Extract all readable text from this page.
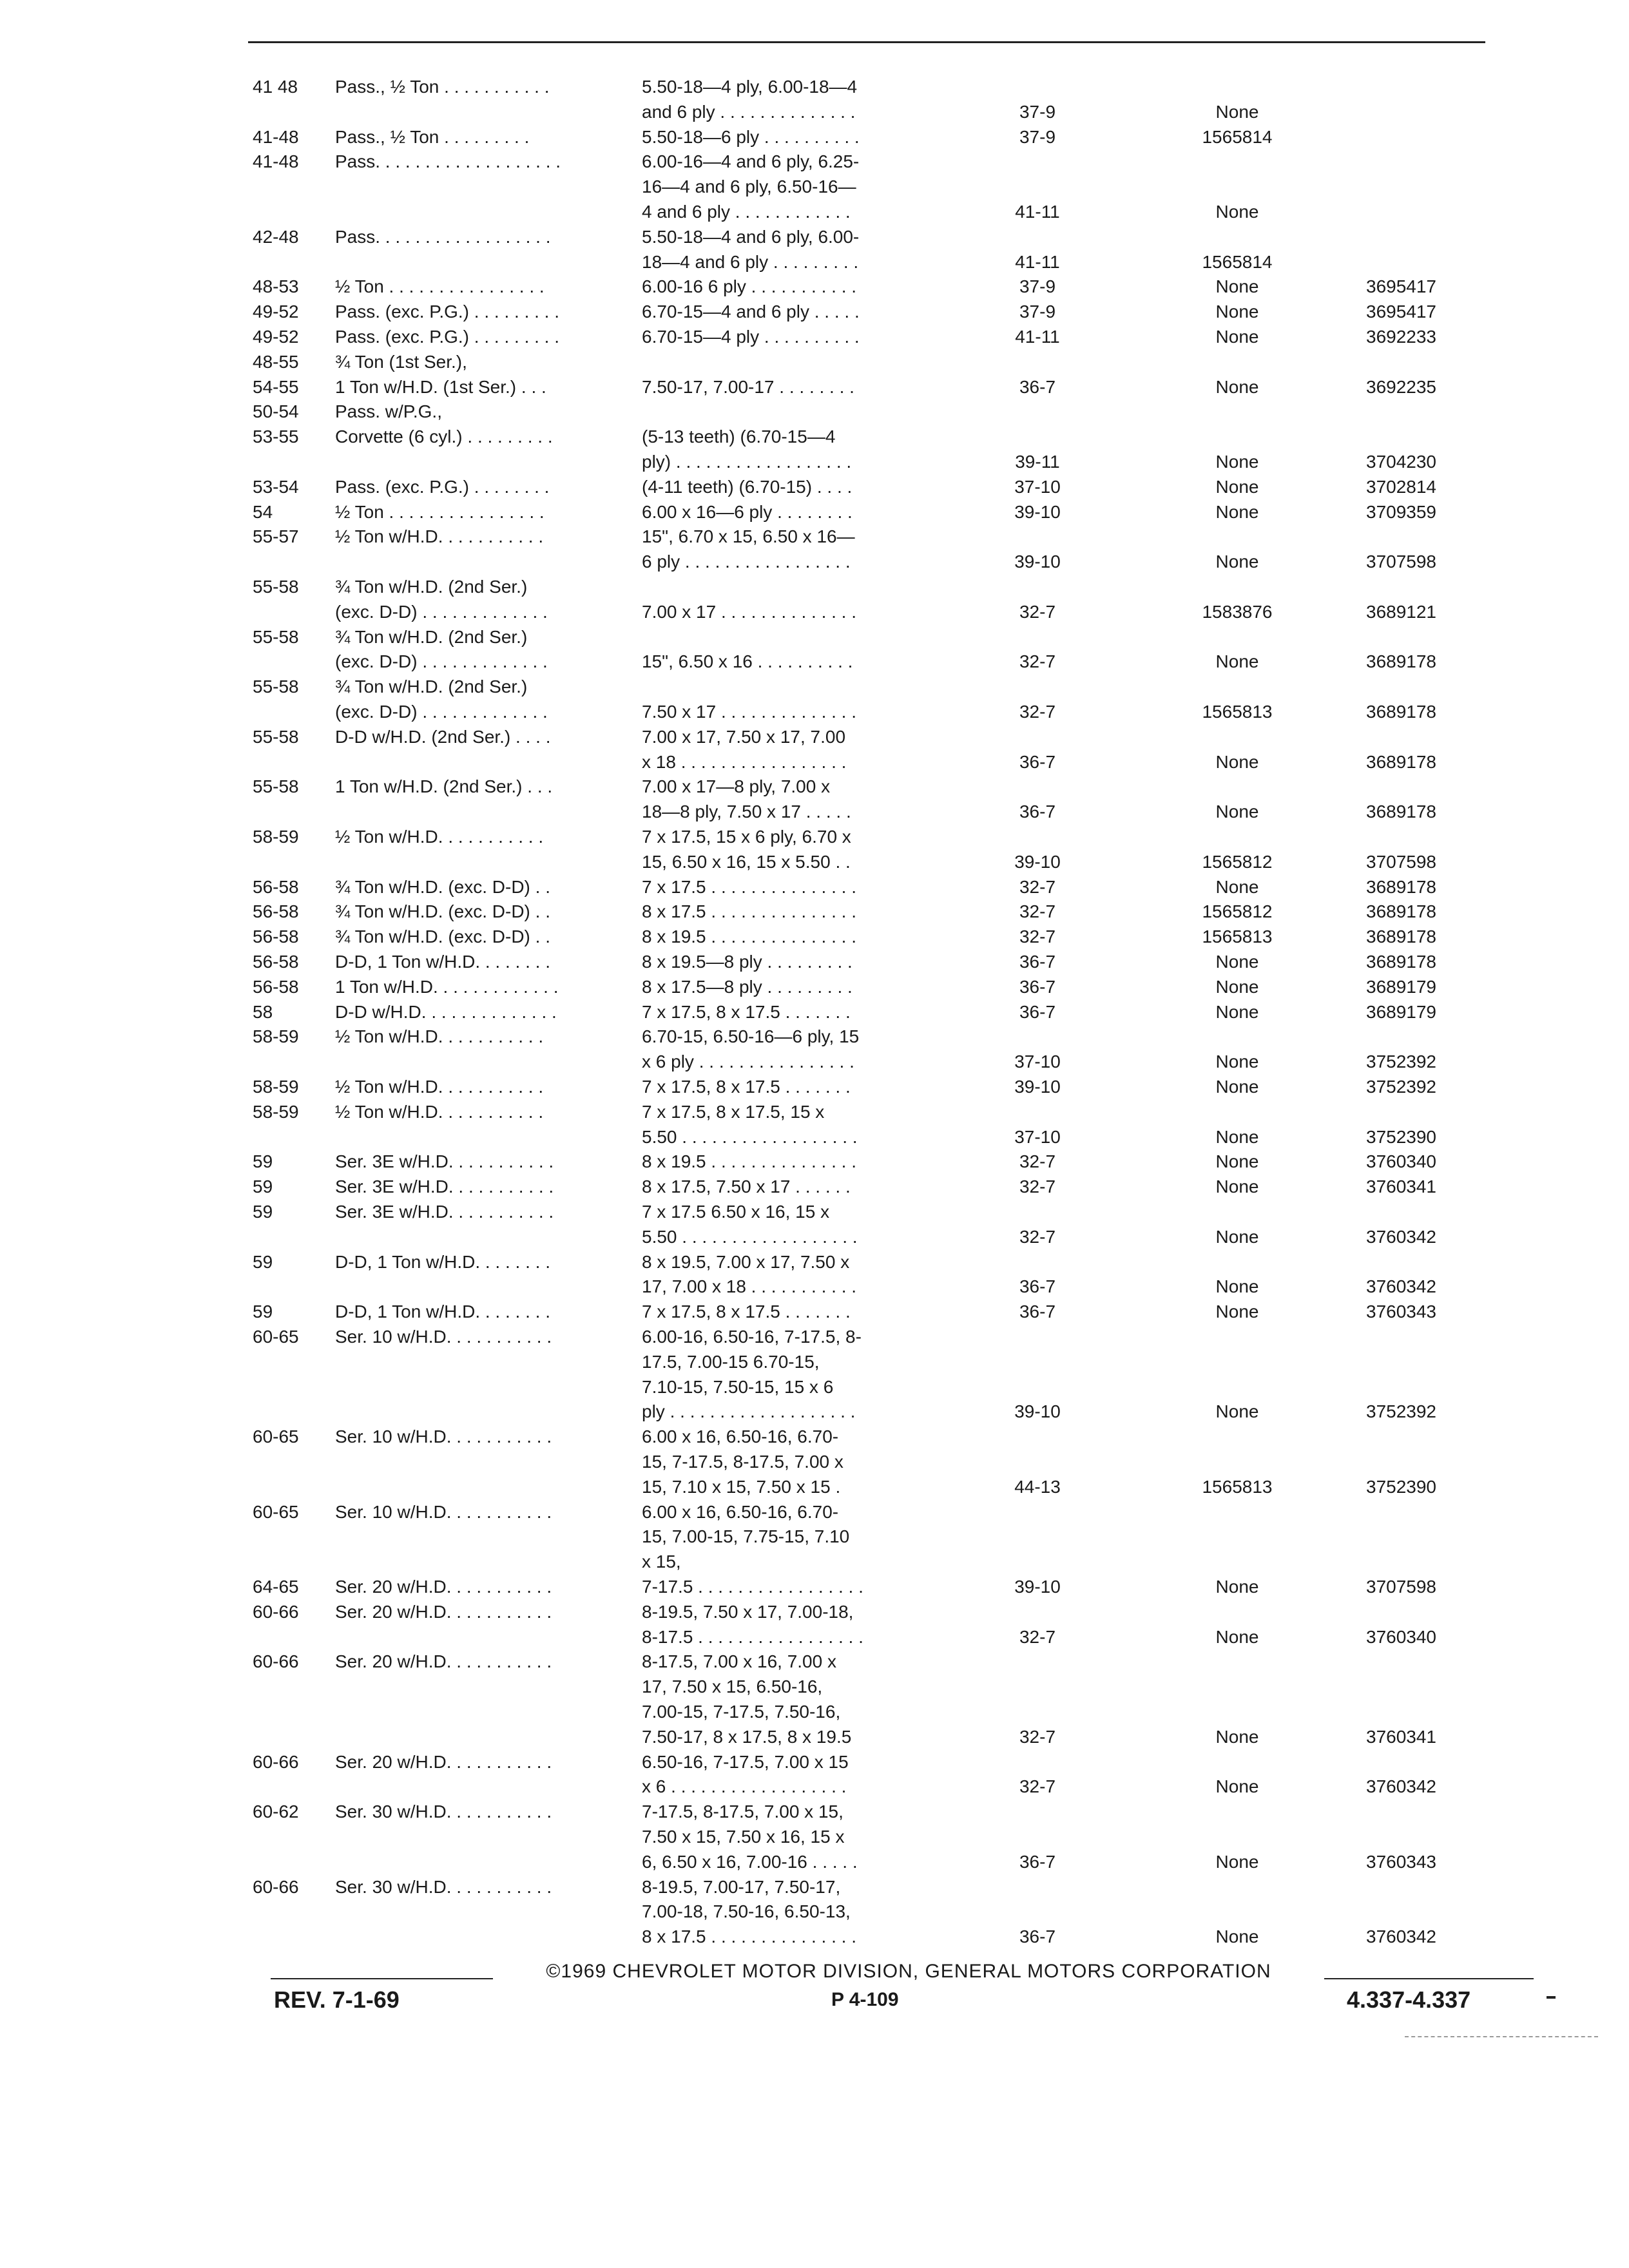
41 48	Pass., ½ Ton . . . . . . . . . . .	5.50-18—4 ply, 6.00-18—4
and 6 ply . . . . . . . . . . . . . .	37-9	None
41-48	Pass., ½ Ton . . . . . . . . .	5.50-18—6 ply . . . . . . . . . .	37-9	1565814
41-48	Pass. . . . . . . . . . . . . . . . . . .	6.00-16—4 and 6 ply, 6.25-
16—4 and 6 ply, 6.50-16—
4 and 6 ply . . . . . . . . . . . .	41-11	None
42-48	Pass. . . . . . . . . . . . . . . . . .	5.50-18—4 and 6 ply, 6.00-
18—4 and 6 ply . . . . . . . . .	41-11	1565814
48-53	½ Ton . . . . . . . . . . . . . . . .	6.00-16 6 ply . . . . . . . . . . .	37-9	None	3695417
49-52	Pass. (exc. P.G.) . . . . . . . . .	6.70-15—4 and 6 ply . . . . .	37-9	None	3695417
49-52	Pass. (exc. P.G.) . . . . . . . . .	6.70-15—4 ply . . . . . . . . . .	41-11	None	3692233
48-55	¾ Ton (1st Ser.),
54-55	1 Ton w/H.D. (1st Ser.) . . .	7.50-17, 7.00-17 . . . . . . . .	36-7	None	3692235
50-54	Pass. w/P.G.,
53-55	Corvette (6 cyl.) . . . . . . . . .	(5-13 teeth) (6.70-15—4
ply) . . . . . . . . . . . . . . . . . .	39-11	None	3704230
53-54	Pass. (exc. P.G.) . . . . . . . .	(4-11 teeth) (6.70-15) . . . .	37-10	None	3702814
54	½ Ton . . . . . . . . . . . . . . . .	6.00 x 16—6 ply . . . . . . . .	39-10	None	3709359
55-57	½ Ton w/H.D. . . . . . . . . . .	15", 6.70 x 15, 6.50 x 16—
6 ply . . . . . . . . . . . . . . . . .	39-10	None	3707598
55-58	¾ Ton w/H.D. (2nd Ser.)
(exc. D-D) . . . . . . . . . . . . .	7.00 x 17 . . . . . . . . . . . . . .	32-7	1583876	3689121
55-58	¾ Ton w/H.D. (2nd Ser.)
(exc. D-D) . . . . . . . . . . . . .	15", 6.50 x 16 . . . . . . . . . .	32-7	None	3689178
55-58	¾ Ton w/H.D. (2nd Ser.)
(exc. D-D) . . . . . . . . . . . . .	7.50 x 17 . . . . . . . . . . . . . .	32-7	1565813	3689178
55-58	D-D w/H.D. (2nd Ser.) . . . .	7.00 x 17, 7.50 x 17, 7.00
x 18 . . . . . . . . . . . . . . . . .	36-7	None	3689178
55-58	1 Ton w/H.D. (2nd Ser.) . . .	7.00 x 17—8 ply, 7.00 x
18—8 ply, 7.50 x 17 . . . . .	36-7	None	3689178
58-59	½ Ton w/H.D. . . . . . . . . . .	7 x 17.5, 15 x 6 ply, 6.70 x
15, 6.50 x 16, 15 x 5.50 . .	39-10	1565812	3707598
56-58	¾ Ton w/H.D. (exc. D-D) . .	7 x 17.5 . . . . . . . . . . . . . . .	32-7	None	3689178
56-58	¾ Ton w/H.D. (exc. D-D) . .	8 x 17.5 . . . . . . . . . . . . . . .	32-7	1565812	3689178
56-58	¾ Ton w/H.D. (exc. D-D) . .	8 x 19.5 . . . . . . . . . . . . . . .	32-7	1565813	3689178
56-58	D-D, 1 Ton w/H.D. . . . . . . .	8 x 19.5—8 ply . . . . . . . . .	36-7	None	3689178
56-58	1 Ton w/H.D. . . . . . . . . . . . .	8 x 17.5—8 ply . . . . . . . . .	36-7	None	3689179
58	D-D w/H.D. . . . . . . . . . . . . .	7 x 17.5, 8 x 17.5 . . . . . . .	36-7	None	3689179
58-59	½ Ton w/H.D. . . . . . . . . . .	6.70-15, 6.50-16—6 ply, 15
x 6 ply . . . . . . . . . . . . . . . .	37-10	None	3752392
58-59	½ Ton w/H.D. . . . . . . . . . .	7 x 17.5, 8 x 17.5 . . . . . . .	39-10	None	3752392
58-59	½ Ton w/H.D. . . . . . . . . . .	7 x 17.5, 8 x 17.5, 15 x
5.50 . . . . . . . . . . . . . . . . . .	37-10	None	3752390
59	Ser. 3E w/H.D. . . . . . . . . . .	8 x 19.5 . . . . . . . . . . . . . . .	32-7	None	3760340
59	Ser. 3E w/H.D. . . . . . . . . . .	8 x 17.5, 7.50 x 17 . . . . . .	32-7	None	3760341
59	Ser. 3E w/H.D. . . . . . . . . . .	7 x 17.5 6.50 x 16, 15 x
5.50 . . . . . . . . . . . . . . . . . .	32-7	None	3760342
59	D-D, 1 Ton w/H.D. . . . . . . .	8 x 19.5, 7.00 x 17, 7.50 x
17, 7.00 x 18 . . . . . . . . . . .	36-7	None	3760342
59	D-D, 1 Ton w/H.D. . . . . . . .	7 x 17.5, 8 x 17.5 . . . . . . .	36-7	None	3760343
60-65	Ser. 10 w/H.D. . . . . . . . . . .	6.00-16, 6.50-16, 7-17.5, 8-
17.5, 7.00-15 6.70-15,
7.10-15, 7.50-15, 15 x 6
ply . . . . . . . . . . . . . . . . . . .	39-10	None	3752392
60-65	Ser. 10 w/H.D. . . . . . . . . . .	6.00 x 16, 6.50-16, 6.70-
15, 7-17.5, 8-17.5, 7.00 x
15, 7.10 x 15, 7.50 x 15 .	44-13	1565813	3752390
60-65	Ser. 10 w/H.D. . . . . . . . . . .	6.00 x 16, 6.50-16, 6.70-
15, 7.00-15, 7.75-15, 7.10
x 15,
64-65	Ser. 20 w/H.D. . . . . . . . . . .	7-17.5 . . . . . . . . . . . . . . . . .	39-10	None	3707598
60-66	Ser. 20 w/H.D. . . . . . . . . . .	8-19.5, 7.50 x 17, 7.00-18,
8-17.5 . . . . . . . . . . . . . . . . .	32-7	None	3760340
60-66	Ser. 20 w/H.D. . . . . . . . . . .	8-17.5, 7.00 x 16, 7.00 x
17, 7.50 x 15, 6.50-16,
7.00-15, 7-17.5, 7.50-16,
7.50-17, 8 x 17.5, 8 x 19.5	32-7	None	3760341
60-66	Ser. 20 w/H.D. . . . . . . . . . .	6.50-16, 7-17.5, 7.00 x 15
x 6 . . . . . . . . . . . . . . . . . .	32-7	None	3760342
60-62	Ser. 30 w/H.D. . . . . . . . . . .	7-17.5, 8-17.5, 7.00 x 15,
7.50 x 15, 7.50 x 16, 15 x
6, 6.50 x 16, 7.00-16 . . . . .	36-7	None	3760343
60-66	Ser. 30 w/H.D. . . . . . . . . . .	8-19.5, 7.00-17, 7.50-17,
7.00-18, 7.50-16, 6.50-13,
8 x 17.5 . . . . . . . . . . . . . . .	36-7	None	3760342
©1969 CHEVROLET MOTOR DIVISION, GENERAL MOTORS CORPORATION
REV. 7-1-69	P 4-109	4.337-4.337
